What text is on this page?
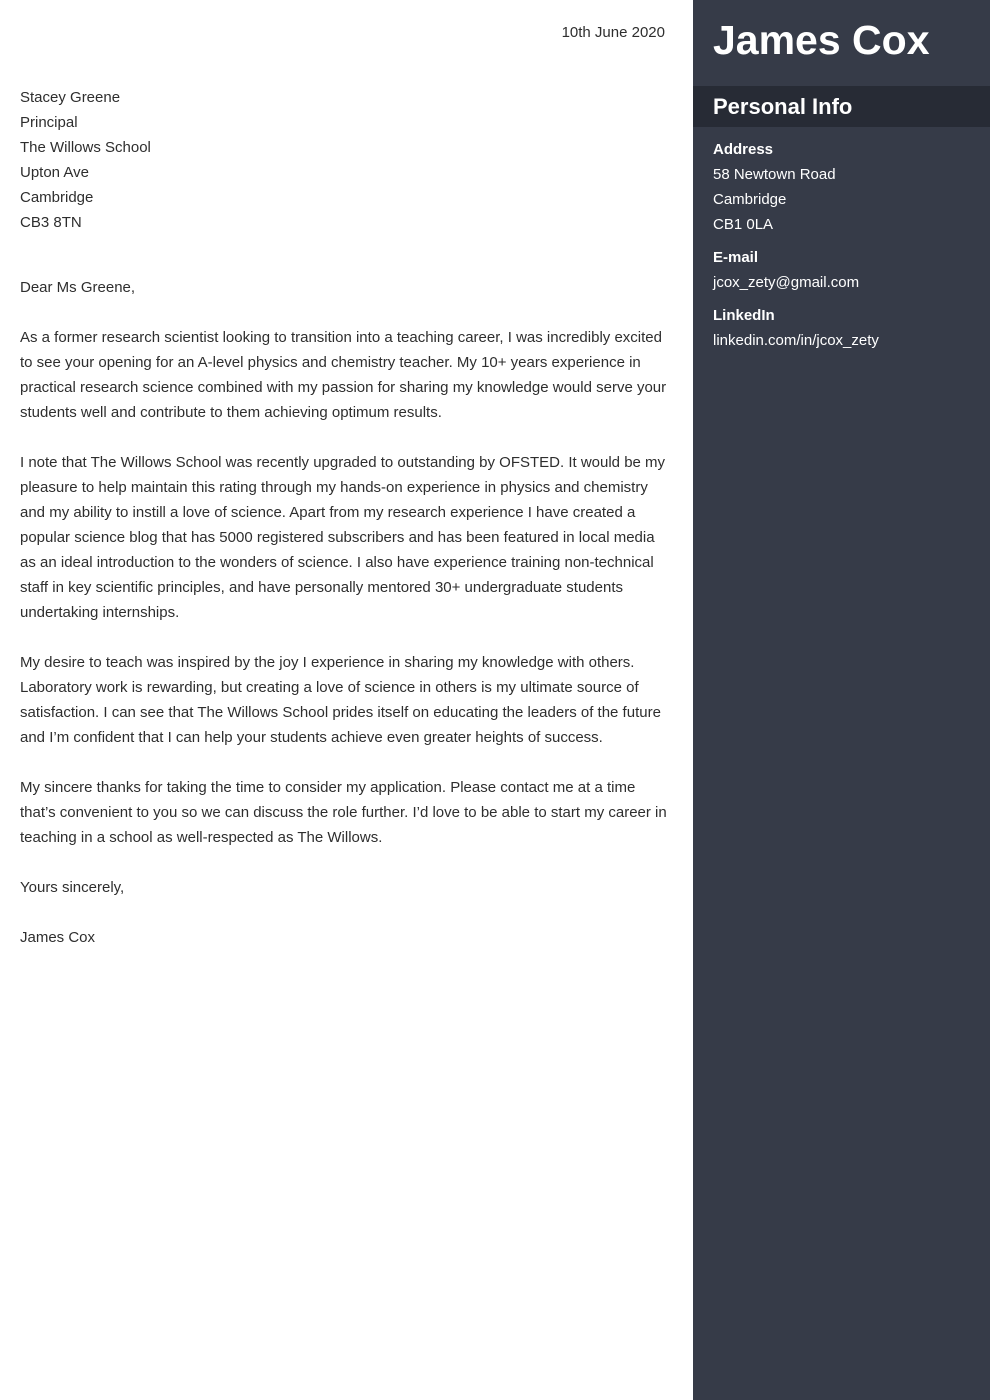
10th June 2020
Stacey Greene
Principal
The Willows School
Upton Ave
Cambridge
CB3 8TN

Dear Ms Greene,

As a former research scientist looking to transition into a teaching career, I was incredibly excited to see your opening for an A-level physics and chemistry teacher. My 10+ years experience in practical research science combined with my passion for sharing my knowledge would serve your students well and contribute to them achieving optimum results.

I note that The Willows School was recently upgraded to outstanding by OFSTED. It would be my pleasure to help maintain this rating through my hands-on experience in physics and chemistry and my ability to instill a love of science. Apart from my research experience I have created a popular science blog that has 5000 registered subscribers and has been featured in local media as an ideal introduction to the wonders of science. I also have experience training non-technical staff in key scientific principles, and have personally mentored 30+ undergraduate students undertaking internships.

My desire to teach was inspired by the joy I experience in sharing my knowledge with others. Laboratory work is rewarding, but creating a love of science in others is my ultimate source of satisfaction. I can see that The Willows School prides itself on educating the leaders of the future and I’m confident that I can help your students achieve even greater heights of success.

My sincere thanks for taking the time to consider my application. Please contact me at a time that’s convenient to you so we can discuss the role further. I’d love to be able to start my career in teaching in a school as well-respected as The Willows.

Yours sincerely,

James Cox

James Cox
Personal Info
Address
58 Newtown Road
Cambridge
CB1 0LA
E-mail
jcox_zety@gmail.com
LinkedIn
linkedin.com/in/jcox_zety
